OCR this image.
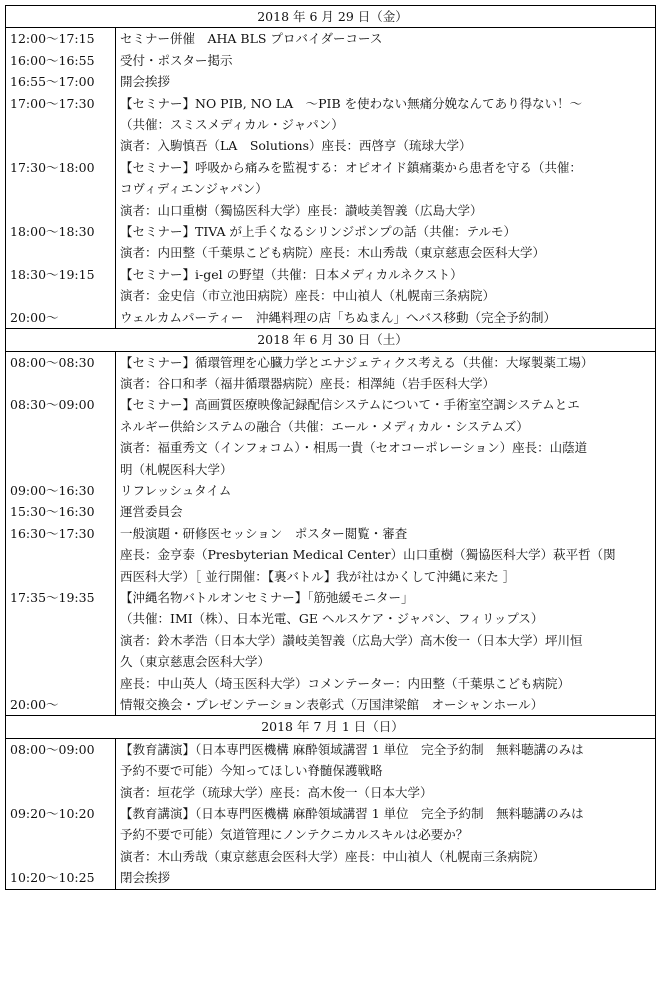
2018 年 6 月 29 日（金）	
12:00〜17:15	セミナー併催　AHA BLS プロバイダーコース

16:00〜16:55	受付・ポスター掲示

16:55〜17:00	開会挨拶

17:00〜17:30	【セミナー】NO PIB, NO LA　〜PIB を使わない無痛分娩なんてあり得ない！〜
（共催：スミスメディカル・ジャパン）
演者：入駒慎吾（LA　Solutions）座長：西啓亨（琉球大学）

17:30〜18:00	【セミナー】呼吸から痛みを監視する：オピオイド鎮痛薬から患者を守る（共催：
コヴィディエンジャパン）
演者：山口重樹（獨協医科大学）座長：讃岐美智義（広島大学）

18:00〜18:30	【セミナー】TIVA が上手くなるシリンジポンプの話（共催：テルモ）
演者：内田整（千葉県こども病院）座長：木山秀哉（東京慈恵会医科大学）

18:30〜19:15	【セミナー】i-gel の野望（共催：日本メディカルネクスト）
演者：金史信（市立池田病院）座長：中山禎人（札幌南三条病院）

20:00〜	ウェルカムパーティー　沖縄料理の店「ちぬまん」へバス移動（完全予約制）

2018 年 6 月 30 日（土）	
08:00〜08:30	【セミナー】循環管理を心臓力学とエナジェティクス考える（共催：大塚製薬工場）
演者：谷口和孝（福井循環器病院）座長：相澤純（岩手医科大学）

08:30〜09:00	【セミナー】高画質医療映像記録配信システムについて・手術室空調システムとエ
ネルギー供給システムの融合（共催：エール・メディカル・システムズ）
演者：福重秀文（インフォコム）・相馬一貴（セオコーポレーション）座長：山蔭道
明（札幌医科大学）

09:00〜16:30	リフレッシュタイム

15:30〜16:30	運営委員会

16:30〜17:30	一般演題・研修医セッション　ポスター閲覧・審査
座長：金亨泰（Presbyterian Medical Center）山口重樹（獨協医科大学）萩平哲（関
西医科大学）［ 並行開催：【裏バトル】我が社はかくして沖縄に来た ］

17:35〜19:35	【沖縄名物バトルオンセミナー】「筋弛緩モニター」
（共催：IMI（株）、日本光電、GE ヘルスケア・ジャパン、フィリップス）
演者：鈴木孝浩（日本大学）讃岐美智義（広島大学）高木俊一（日本大学）坪川恒
久（東京慈恵会医科大学）
座長：中山英人（埼玉医科大学）コメンテーター：内田整（千葉県こども病院）

20:00〜	情報交換会・プレゼンテーション表彰式（万国津梁館　オーシャンホール）

2018 年 7 月 1 日（日）	
08:00〜09:00	【教育講演】（日本専門医機構 麻酔領域講習 1 単位　完全予約制　無料聴講のみは
予約不要で可能）今知ってほしい脊髄保護戦略
演者：垣花学（琉球大学）座長：高木俊一（日本大学）

09:20〜10:20	【教育講演】（日本専門医機構 麻酔領域講習 1 単位　完全予約制　無料聴講のみは
予約不要で可能）気道管理にノンテクニカルスキルは必要か？
演者：木山秀哉（東京慈恵会医科大学）座長：中山禎人（札幌南三条病院）

10:20〜10:25	閉会挨拶
